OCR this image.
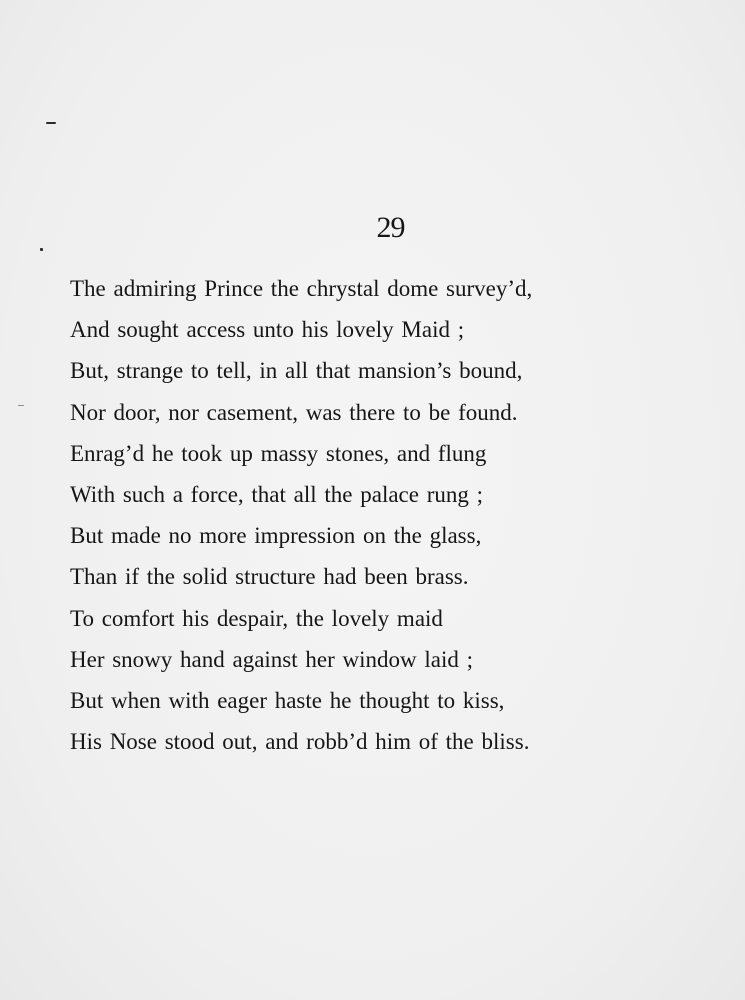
29
The admiring Prince the chrystal dome survey’d,
And sought access unto his lovely Maid ;
But, strange to tell, in all that mansion’s bound,
Nor door, nor casement, was there to be found.
Enrag’d he took up massy stones, and flung
With such a force, that all the palace rung ;
But made no more impression on the glass,
Than if the solid structure had been brass.
To comfort his despair, the lovely maid
Her snowy hand against her window laid ;
But when with eager haste he thought to kiss,
His Nose stood out, and robb’d him of the bliss.
